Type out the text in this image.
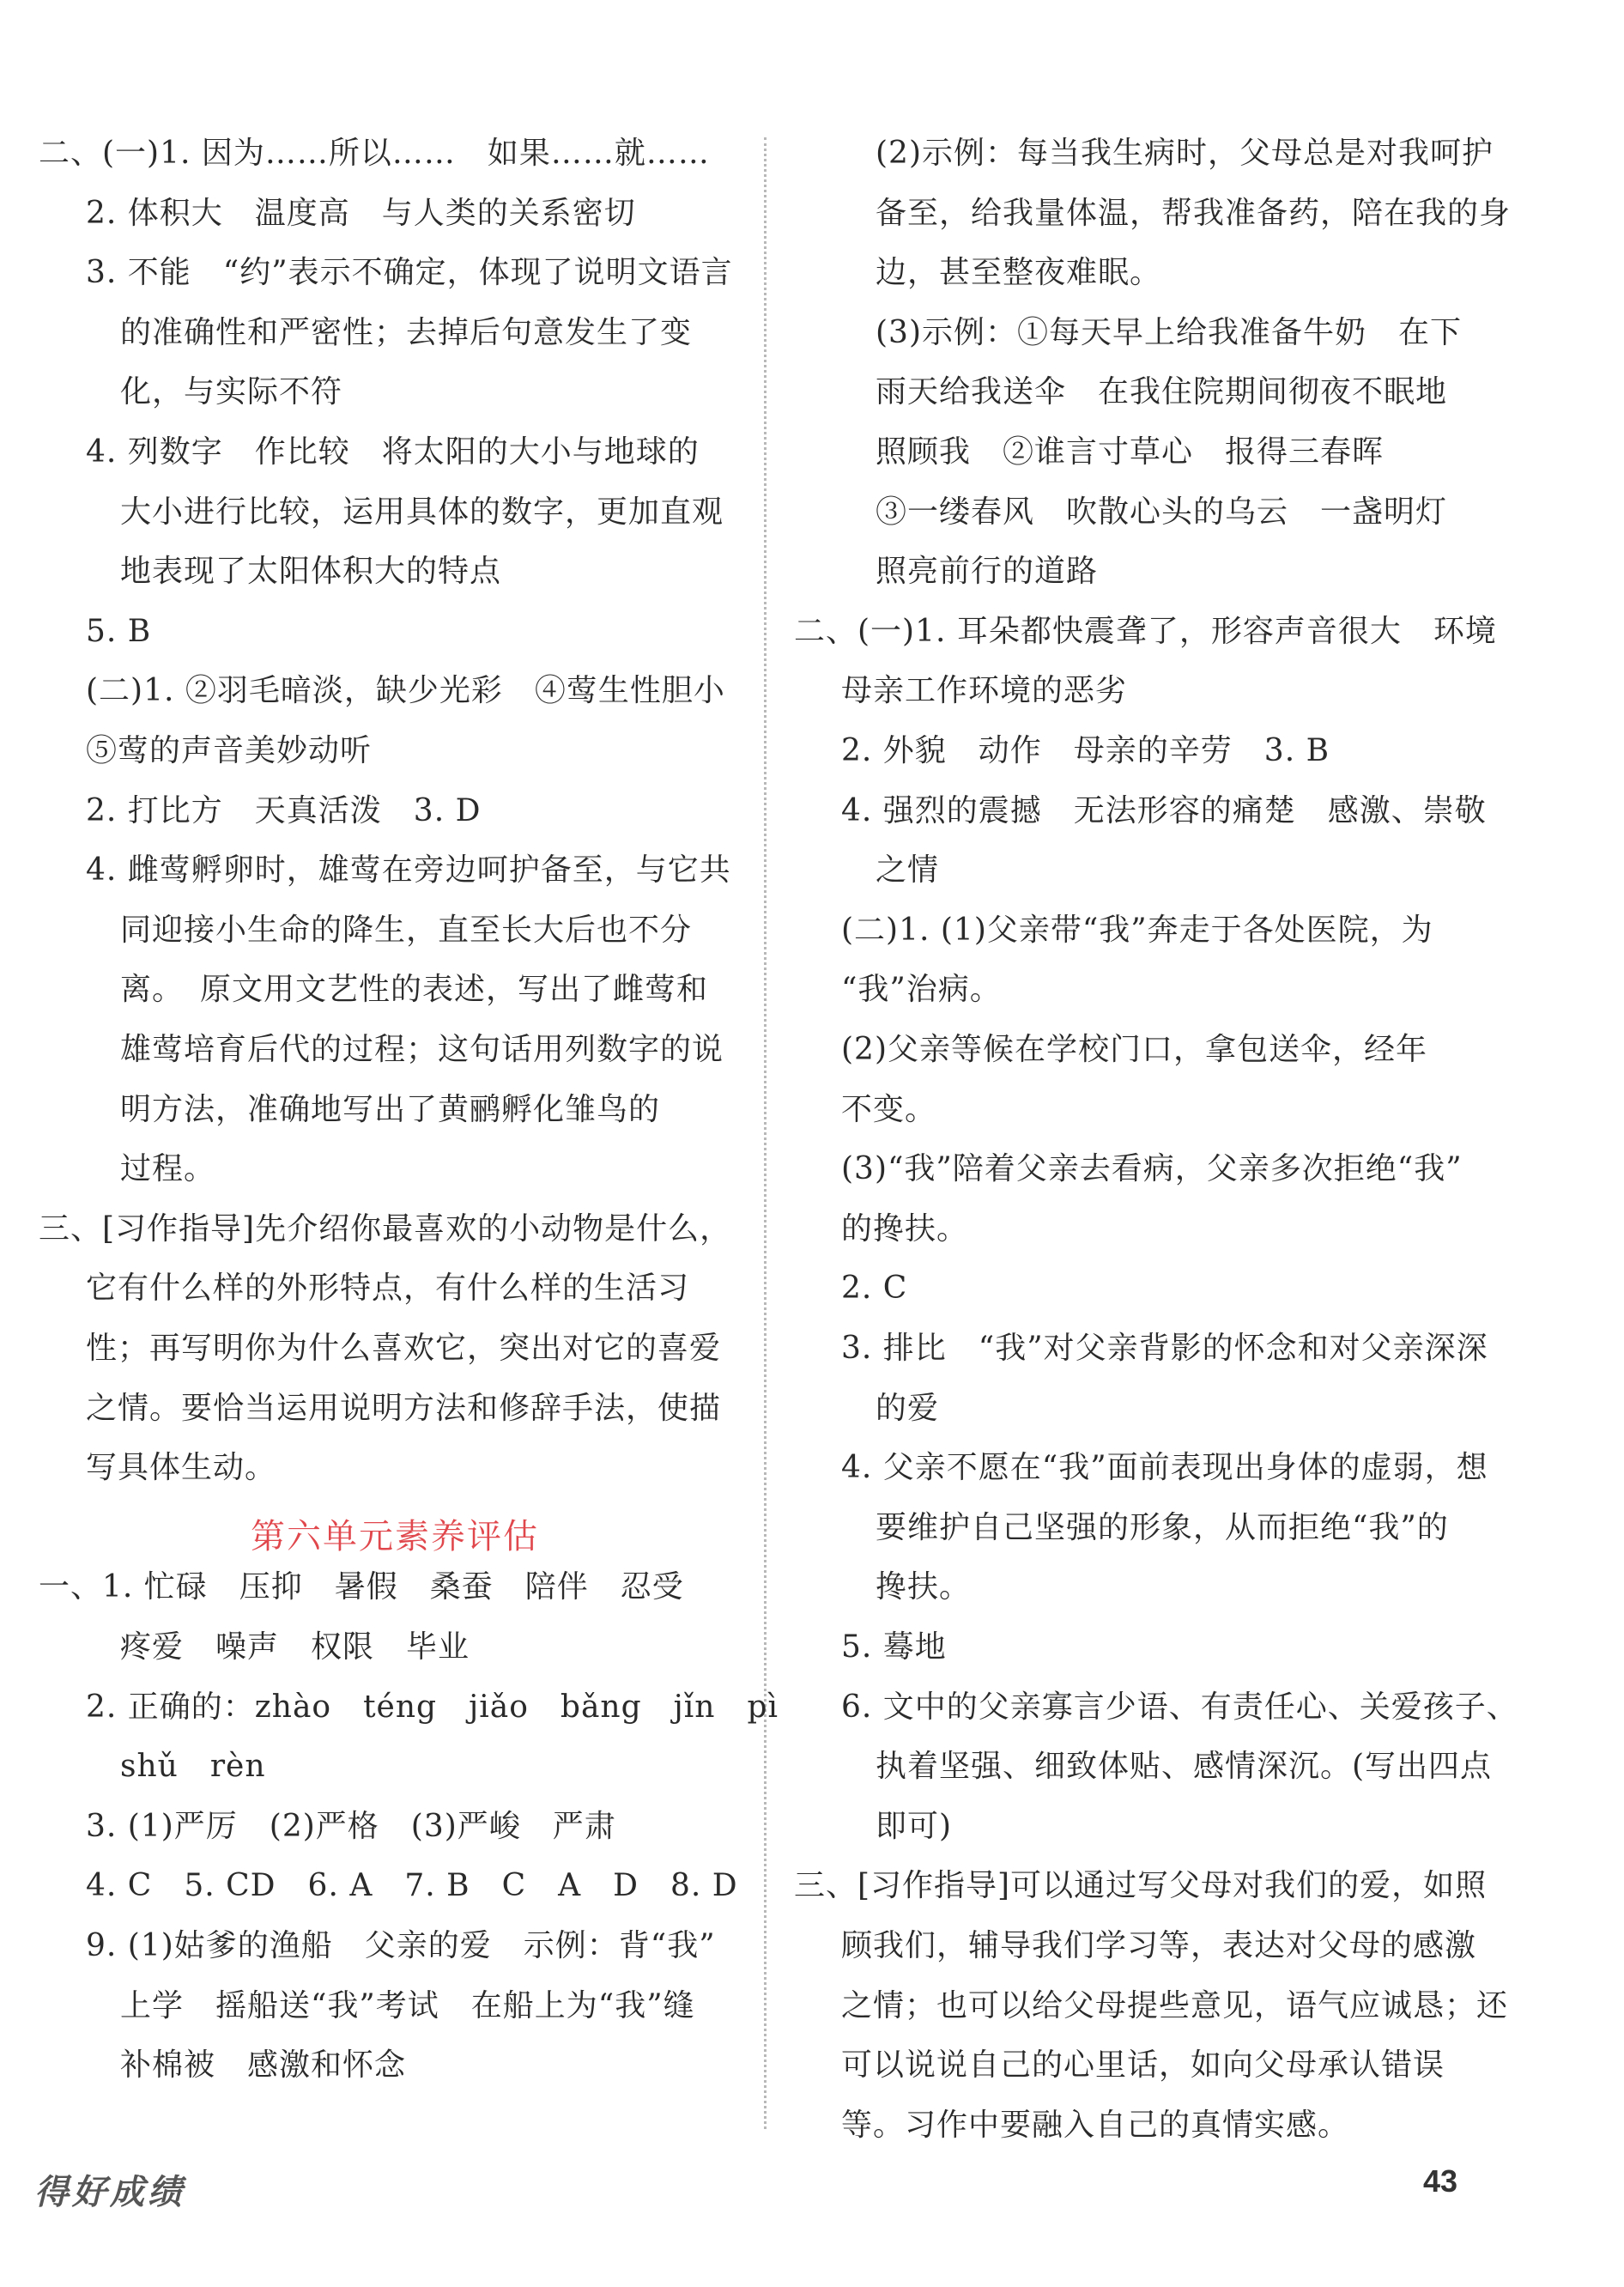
二、(一)1. 因为……所以……　如果……就……
2. 体积大　温度高　与人类的关系密切
3. 不能　“约”表示不确定，体现了说明文语言
的准确性和严密性；去掉后句意发生了变
化，与实际不符
4. 列数字　作比较　将太阳的大小与地球的
大小进行比较，运用具体的数字，更加直观
地表现了太阳体积大的特点
5. B
(二)1. ②羽毛暗淡，缺少光彩　④莺生性胆小
⑤莺的声音美妙动听
2. 打比方　天真活泼　3. D
4. 雌莺孵卵时，雄莺在旁边呵护备至，与它共
同迎接小生命的降生，直至长大后也不分
离。　原文用文艺性的表述，写出了雌莺和
雄莺培育后代的过程；这句话用列数字的说
明方法，准确地写出了黄鹂孵化雏鸟的
过程。
三、[习作指导]先介绍你最喜欢的小动物是什么，
它有什么样的外形特点，有什么样的生活习
性；再写明你为什么喜欢它，突出对它的喜爱
之情。要恰当运用说明方法和修辞手法，使描
写具体生动。
第六单元素养评估
一、1. 忙碌　压抑　暑假　桑蚕　陪伴　忍受
疼爱　噪声　权限　毕业
2. 正确的：zhào　téng　jiǎo　bǎng　jǐn　pì
shǔ　rèn
3. (1)严厉　(2)严格　(3)严峻　严肃
4. C　5. CD　6. A　7. B　C　A　D　8. D
9. (1)姑爹的渔船　父亲的爱　示例：背“我”
上学　摇船送“我”考试　在船上为“我”缝
补棉被　感激和怀念
(2)示例：每当我生病时，父母总是对我呵护
备至，给我量体温，帮我准备药，陪在我的身
边，甚至整夜难眠。
(3)示例：①每天早上给我准备牛奶　在下
雨天给我送伞　在我住院期间彻夜不眠地
照顾我　②谁言寸草心　报得三春晖
③一缕春风　吹散心头的乌云　一盏明灯
照亮前行的道路
二、(一)1. 耳朵都快震聋了，形容声音很大　环境
母亲工作环境的恶劣
2. 外貌　动作　母亲的辛劳　3. B
4. 强烈的震撼　无法形容的痛楚　感激、崇敬
之情
(二)1. (1)父亲带“我”奔走于各处医院，为
“我”治病。
(2)父亲等候在学校门口，拿包送伞，经年
不变。
(3)“我”陪着父亲去看病，父亲多次拒绝“我”
的搀扶。
2. C
3. 排比　“我”对父亲背影的怀念和对父亲深深
的爱
4. 父亲不愿在“我”面前表现出身体的虚弱，想
要维护自己坚强的形象，从而拒绝“我”的
搀扶。
5. 蓦地
6. 文中的父亲寡言少语、有责任心、关爱孩子、
执着坚强、细致体贴、感情深沉。(写出四点
即可)
三、[习作指导]可以通过写父母对我们的爱，如照
顾我们，辅导我们学习等，表达对父母的感激
之情；也可以给父母提些意见，语气应诚恳；还
可以说说自己的心里话，如向父母承认错误
等。习作中要融入自己的真情实感。
得好成绩	43
